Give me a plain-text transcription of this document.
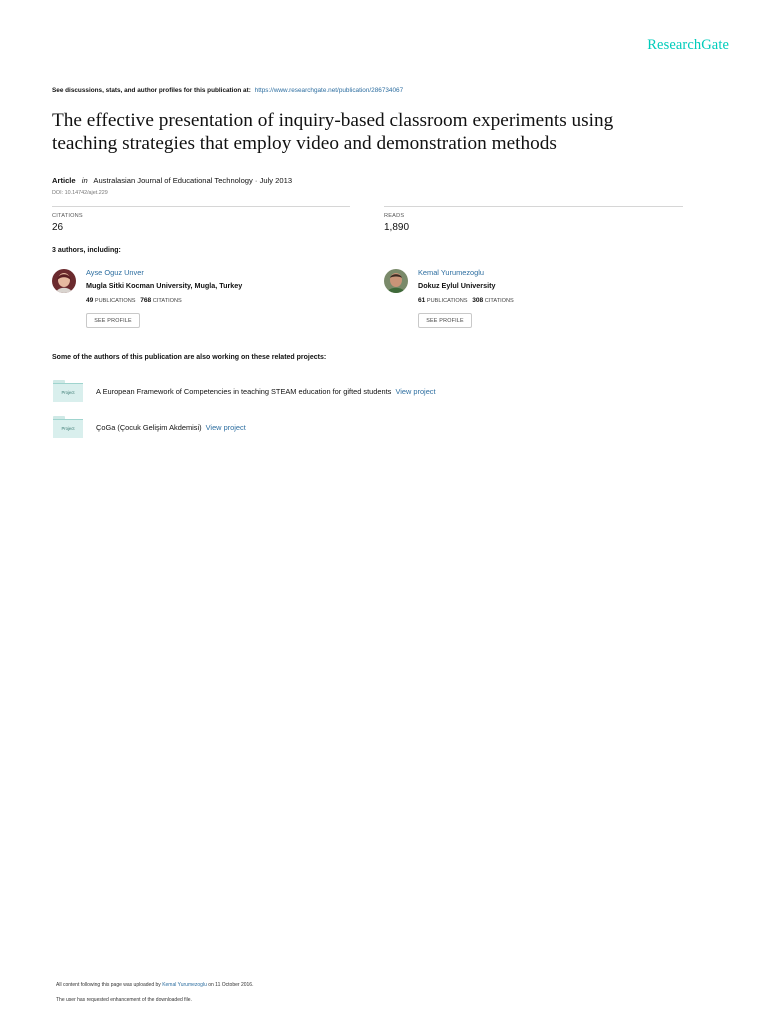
ResearchGate
See discussions, stats, and author profiles for this publication at: https://www.researchgate.net/publication/286734067
The effective presentation of inquiry-based classroom experiments using
teaching strategies that employ video and demonstration methods
Article in Australasian Journal of Educational Technology · July 2013
DOI: 10.14742/ajet.229
CITATIONS
26
READS
1,890
3 authors, including:
Ayse Oguz Unver
Mugla Sitki Kocman University, Mugla, Turkey
49 PUBLICATIONS 768 CITATIONS
SEE PROFILE
Kemal Yurumezoglu
Dokuz Eylul University
61 PUBLICATIONS 308 CITATIONS
SEE PROFILE
Some of the authors of this publication are also working on these related projects:
Project	A European Framework of Competencies in teaching STEAM education for gifted students View project
Project	ÇoGa (Çocuk Gelişim Akdemisi) View project
All content following this page was uploaded by Kemal Yurumezoglu on 11 October 2016.
The user has requested enhancement of the downloaded file.
